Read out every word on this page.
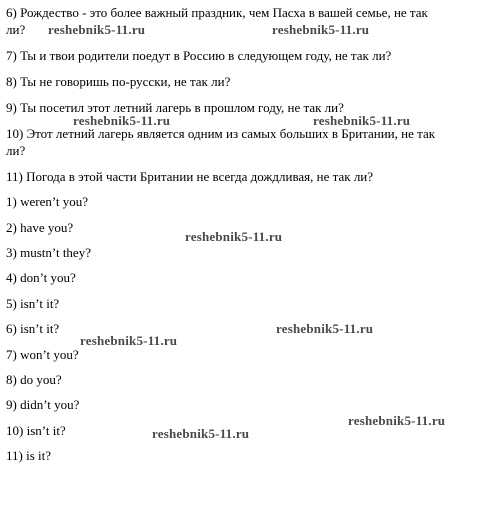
6) Рождество - это более важный праздник, чем Пасха в вашей семье, не так
ли?
7) Ты и твои родители поедут в Россию в следующем году, не так ли?
8) Ты не говоришь по-русски, не так ли?
9) Ты посетил этот летний лагерь в прошлом году, не так ли?
10) Этот летний лагерь является одним из самых больших в Британии, не так
ли?
11) Погода в этой части Британии не всегда дождливая, не так ли?
1) weren’t you?
2) have you?
3) mustn’t they?
4) don’t you?
5) isn’t it?
6) isn’t it?
7) won’t you?
8) do you?
9) didn’t you?
10) isn’t it?
11) is it?
reshebnik5-11.ru	reshebnik5-11.ru
reshebnik5-11.ru
reshebnik5-11.ru	reshebnik5-11.ru
reshebnik5-11.ru
reshebnik5-11.ru
reshebnik5-11.ru
reshebnik5-11.ru
